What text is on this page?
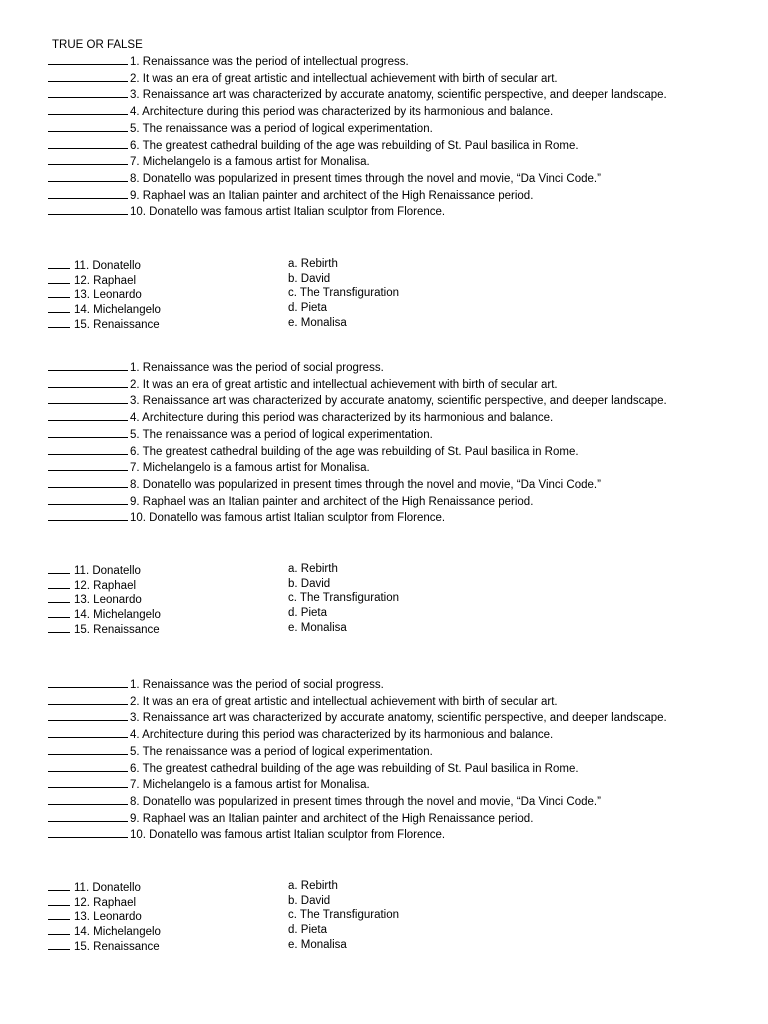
TRUE OR FALSE
1. Renaissance was the period of intellectual progress.
2. It was an era of great artistic and intellectual achievement with birth of secular art.
3. Renaissance art was characterized by accurate anatomy, scientific perspective, and deeper landscape.
4. Architecture during this period was characterized by its harmonious and balance.
5. The renaissance was a period of logical experimentation.
6. The greatest cathedral building of the age was rebuilding of St. Paul basilica in Rome.
7. Michelangelo is a famous artist for Monalisa.
8. Donatello was popularized in present times through the novel and movie, “Da Vinci Code.”
9. Raphael was an Italian painter and architect of the High Renaissance period.
10. Donatello was famous artist Italian sculptor from Florence.
11. Donatello	a. Rebirth
12. Raphael	b. David
13. Leonardo	c. The Transfiguration
14. Michelangelo	d. Pieta
15. Renaissance	e. Monalisa
1. Renaissance was the period of social progress.
2. It was an era of great artistic and intellectual achievement with birth of secular art.
3. Renaissance art was characterized by accurate anatomy, scientific perspective, and deeper landscape.
4. Architecture during this period was characterized by its harmonious and balance.
5. The renaissance was a period of logical experimentation.
6. The greatest cathedral building of the age was rebuilding of St. Paul basilica in Rome.
7. Michelangelo is a famous artist for Monalisa.
8. Donatello was popularized in present times through the novel and movie, “Da Vinci Code.”
9. Raphael was an Italian painter and architect of the High Renaissance period.
10. Donatello was famous artist Italian sculptor from Florence.
11. Donatello	a. Rebirth
12. Raphael	b. David
13. Leonardo	c. The Transfiguration
14. Michelangelo	d. Pieta
15. Renaissance	e. Monalisa
1. Renaissance was the period of social progress.
2. It was an era of great artistic and intellectual achievement with birth of secular art.
3. Renaissance art was characterized by accurate anatomy, scientific perspective, and deeper landscape.
4. Architecture during this period was characterized by its harmonious and balance.
5. The renaissance was a period of logical experimentation.
6. The greatest cathedral building of the age was rebuilding of St. Paul basilica in Rome.
7. Michelangelo is a famous artist for Monalisa.
8. Donatello was popularized in present times through the novel and movie, “Da Vinci Code.”
9. Raphael was an Italian painter and architect of the High Renaissance period.
10. Donatello was famous artist Italian sculptor from Florence.
11. Donatello	a. Rebirth
12. Raphael	b. David
13. Leonardo	c. The Transfiguration
14. Michelangelo	d. Pieta
15. Renaissance	e. Monalisa
